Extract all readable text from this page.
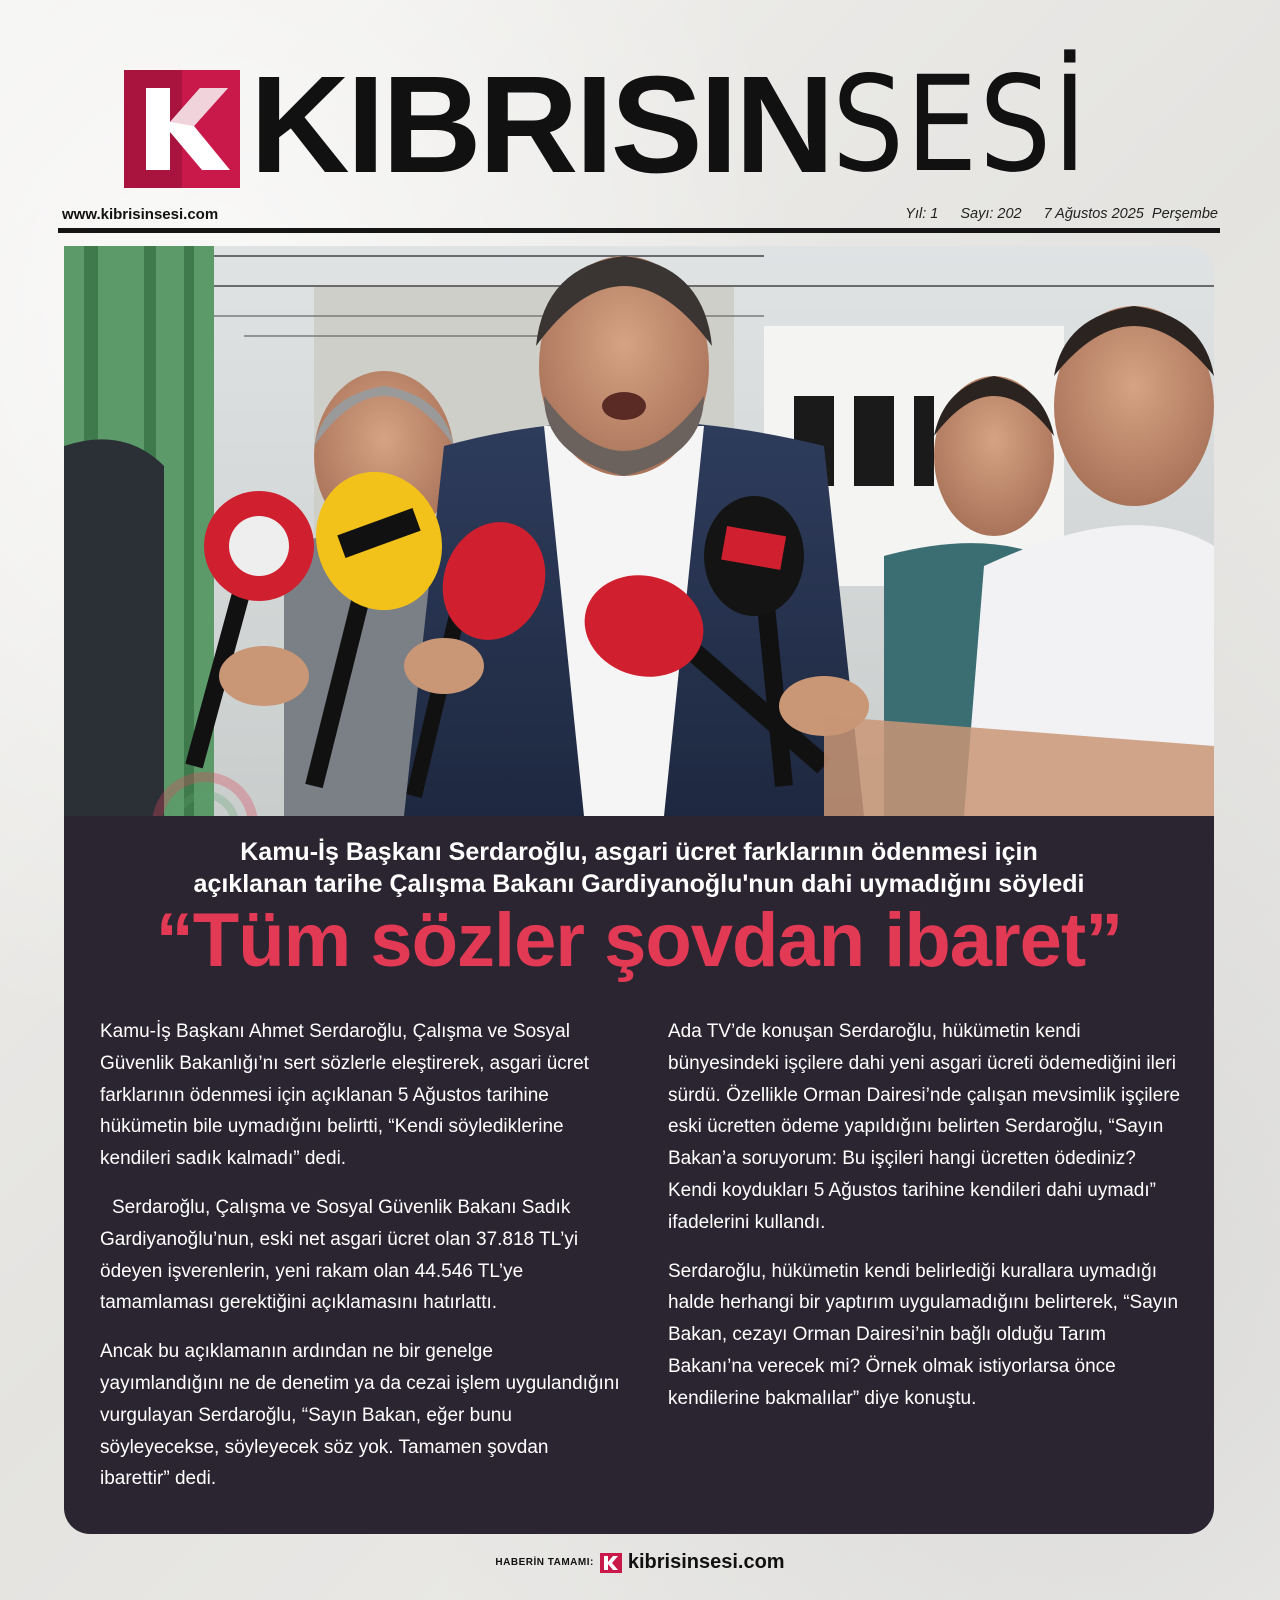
KIBRISIN SESİ
www.kibrisinsesi.com	Yıl: 1 Sayı: 202 7 Ağustos 2025 Perşembe
Kamu-İş Başkanı Serdaroğlu, asgari ücret farklarının ödenmesi için
açıklanan tarihe Çalışma Bakanı Gardiyanoğlu'nun dahi uymadığını söyledi
“Tüm sözler şovdan ibaret”

Kamu-İş Başkanı Ahmet Serdaroğlu, Çalışma ve Sosyal Güvenlik Bakanlığı’nı sert sözlerle eleştirerek, asgari ücret farklarının ödenmesi için açıklanan 5 Ağustos tarihine hükümetin bile uymadığını belirtti, “Kendi söylediklerine kendileri sadık kalmadı” dedi.

Serdaroğlu, Çalışma ve Sosyal Güvenlik Bakanı Sadık Gardiyanoğlu’nun, eski net asgari ücret olan 37.818 TL’yi ödeyen işverenlerin, yeni rakam olan 44.546 TL’ye tamamlaması gerektiğini açıklamasını hatırlattı.

Ancak bu açıklamanın ardından ne bir genelge yayımlandığını ne de denetim ya da cezai işlem uygulandığını vurgulayan Serdaroğlu, “Sayın Bakan, eğer bunu söyleyecekse, söyleyecek söz yok. Tamamen şovdan ibarettir” dedi.

Ada TV’de konuşan Serdaroğlu, hükümetin kendi bünyesindeki işçilere dahi yeni asgari ücreti ödemediğini ileri sürdü. Özellikle Orman Dairesi’nde çalışan mevsimlik işçilere eski ücretten ödeme yapıldığını belirten Serdaroğlu, “Sayın Bakan’a soruyorum: Bu işçileri hangi ücretten ödediniz? Kendi koydukları 5 Ağustos tarihine kendileri dahi uymadı” ifadelerini kullandı.

Serdaroğlu, hükümetin kendi belirlediği kurallara uymadığı halde herhangi bir yaptırım uygulamadığını belirterek, “Sayın Bakan, cezayı Orman Dairesi’nin bağlı olduğu Tarım Bakanı’na verecek mi? Örnek olmak istiyorlarsa önce kendilerine bakmalılar” diye konuştu.

HABERİN TAMAMI: kibrisinsesi.com
